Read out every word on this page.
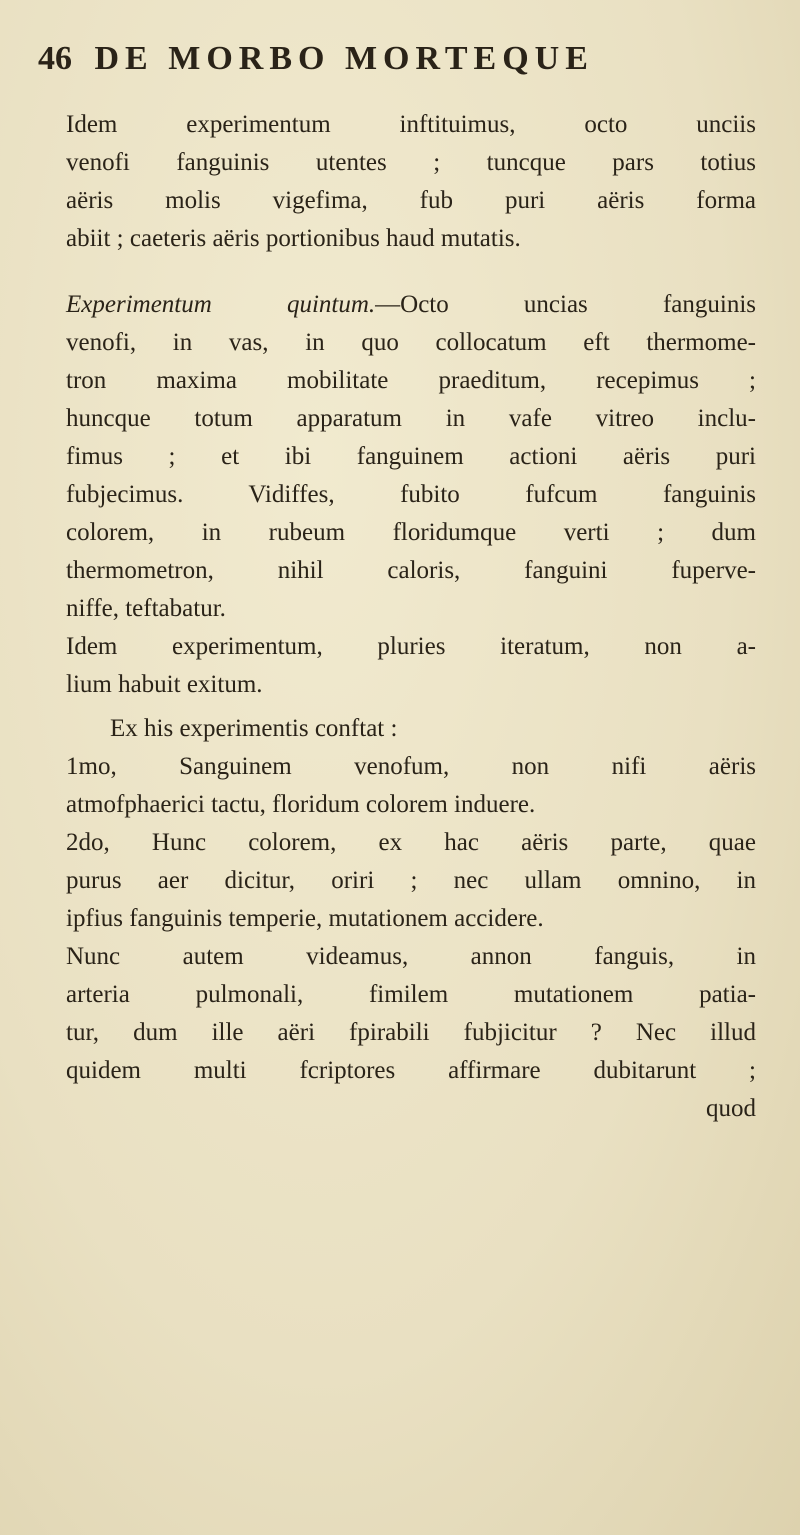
46 DE MORBO MORTEQUE
Idem experimentum inftituimus, octo unciis
venofi fanguinis utentes ; tuncque pars totius
aëris molis vigefima, fub puri aëris forma
abiit ; caeteris aëris portionibus haud mutatis.
Experimentum quintum.—Octo uncias fanguinis
venofi, in vas, in quo collocatum eft thermome-
tron maxima mobilitate praeditum, recepimus ;
huncque totum apparatum in vafe vitreo inclu-
fimus ; et ibi fanguinem actioni aëris puri
fubjecimus. Vidiffes, fubito fufcum fanguinis
colorem, in rubeum floridumque verti ; dum
thermometron, nihil caloris, fanguini fuperve-
niffe, teftabatur.
Idem experimentum, pluries iteratum, non a-
lium habuit exitum.
Ex his experimentis conftat :
1mo, Sanguinem venofum, non nifi aëris
atmofphaerici tactu, floridum colorem induere.
2do, Hunc colorem, ex hac aëris parte, quae
purus aer dicitur, oriri ; nec ullam omnino, in
ipfius fanguinis temperie, mutationem accidere.
Nunc autem videamus, annon fanguis, in
arteria pulmonali, fimilem mutationem patia-
tur, dum ille aëri fpirabili fubjicitur ? Nec illud
quidem multi fcriptores affirmare dubitarunt ;
quod
